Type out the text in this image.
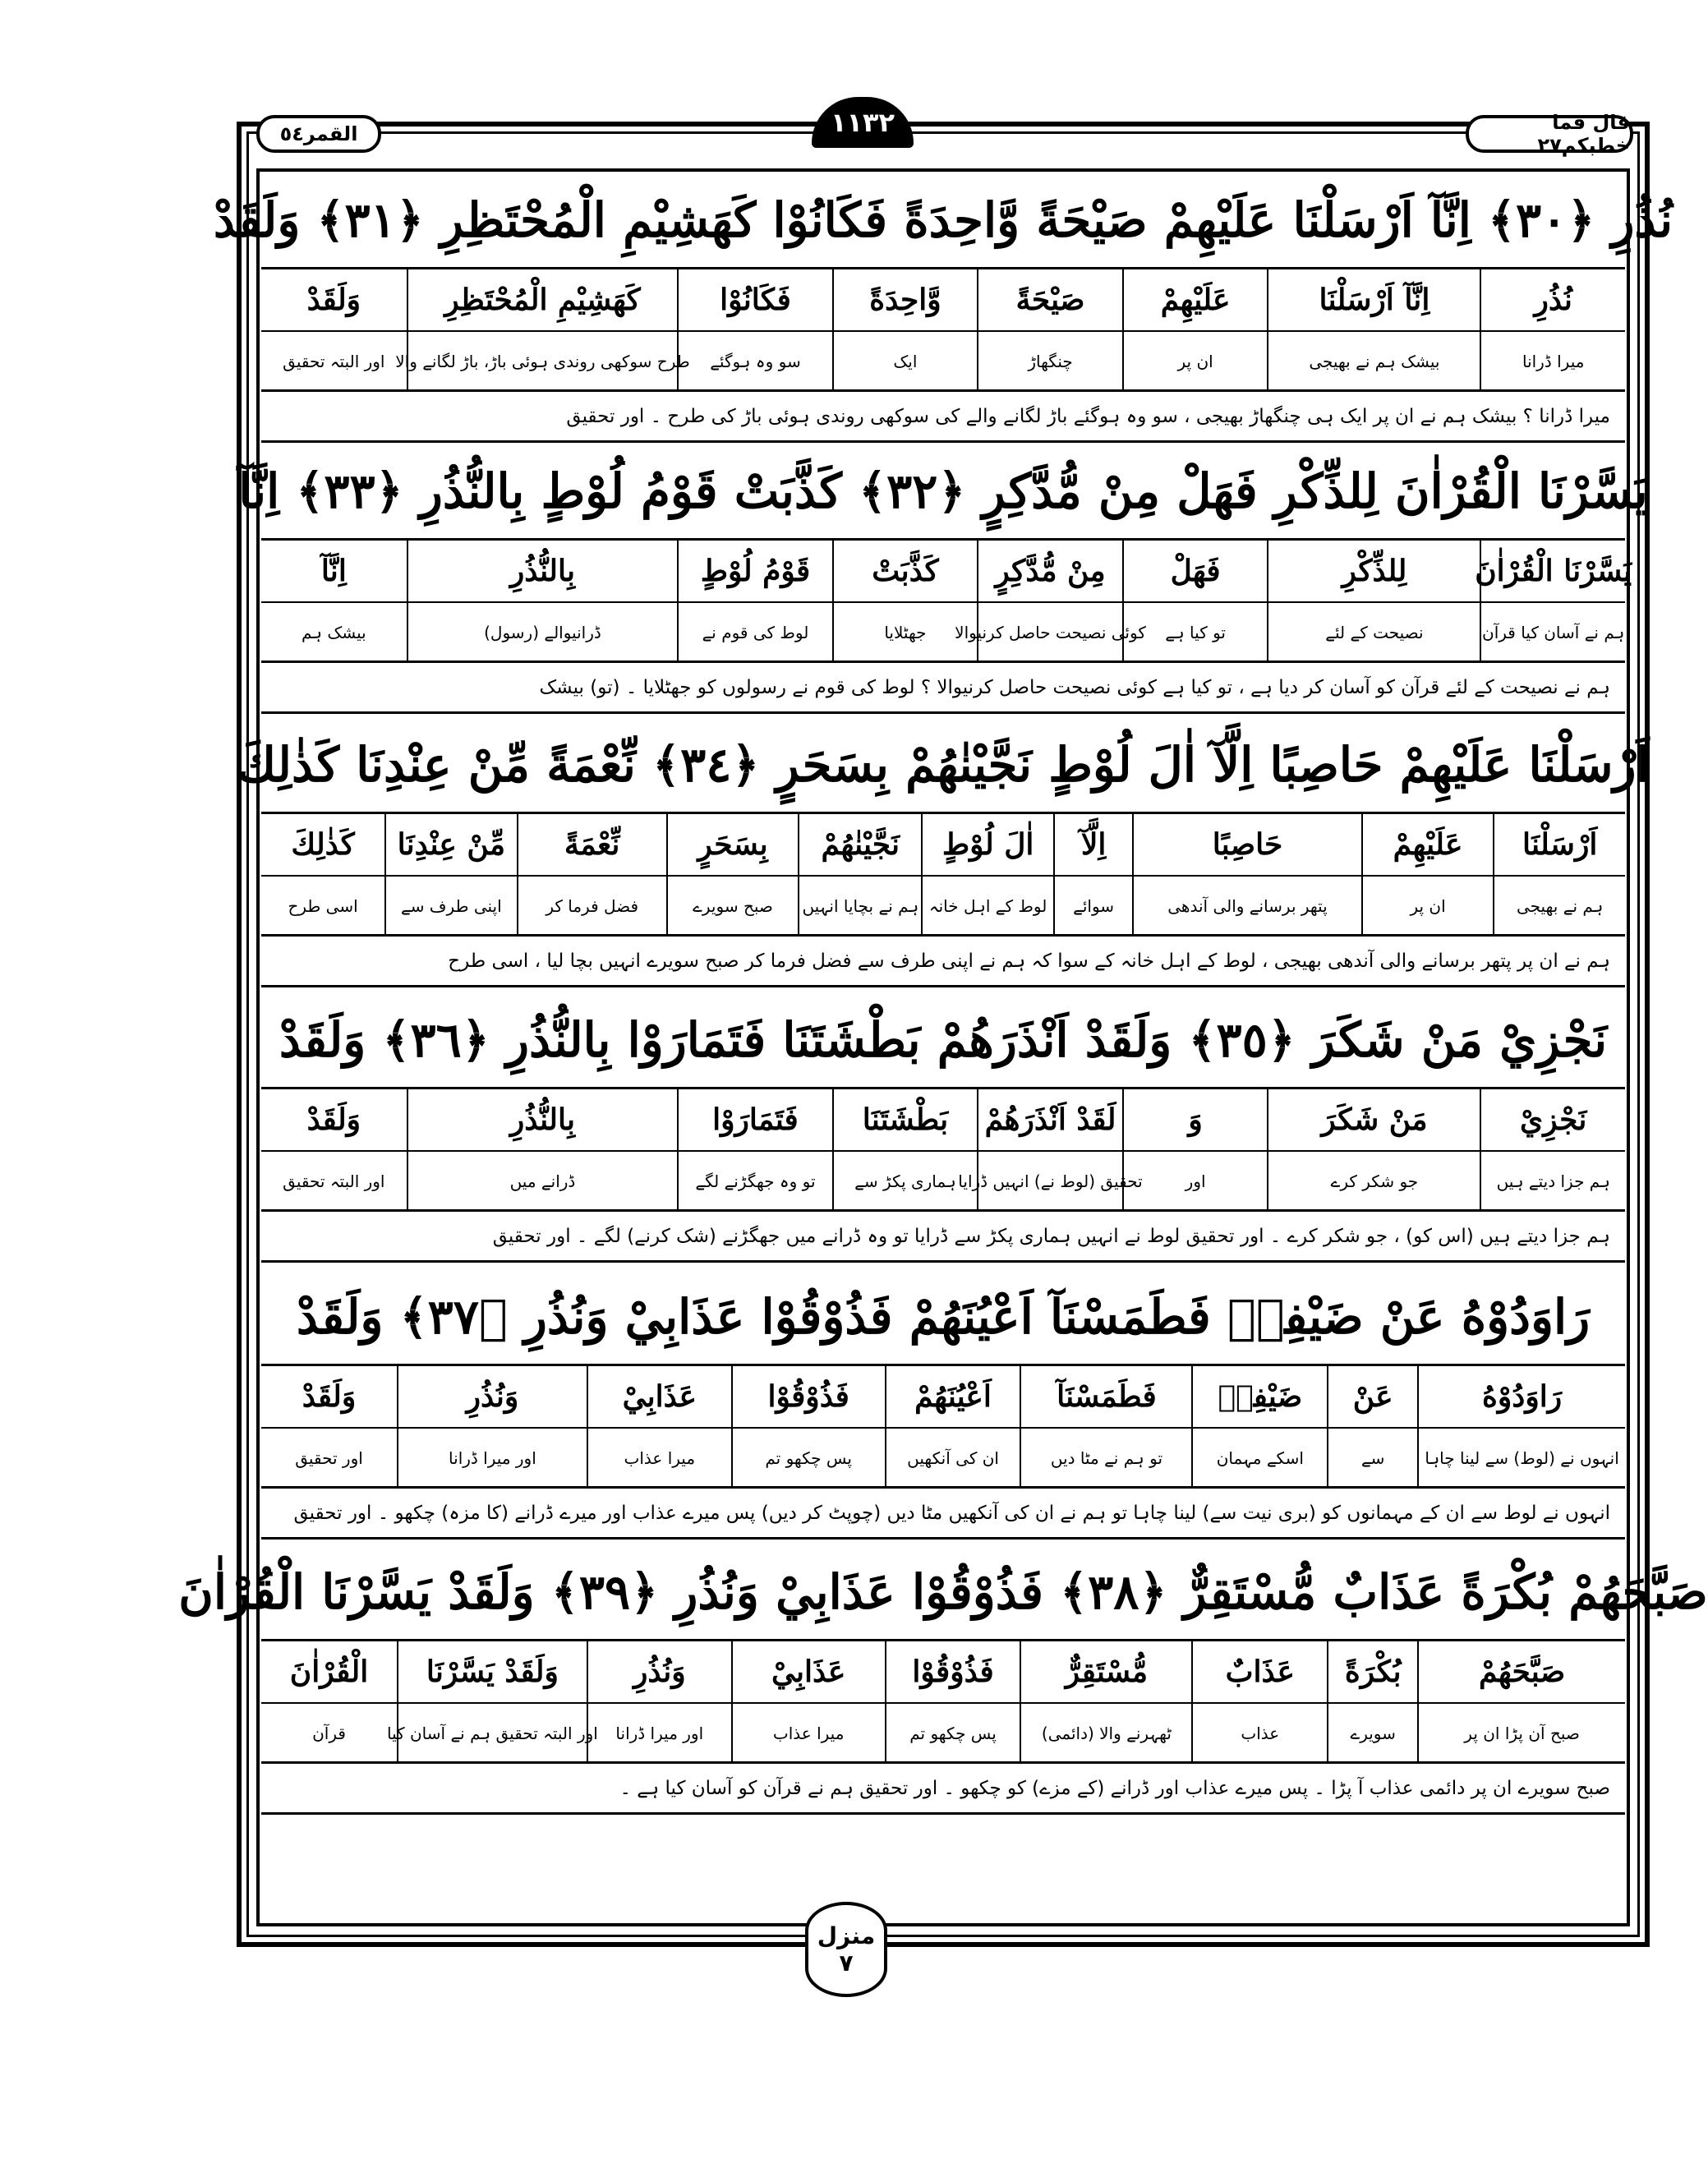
قال فما خطبکم٢٧
القمر٥٤	١١٣٢
نُذُرِ ﴿٣٠﴾ اِنَّآ اَرْسَلْنَا عَلَيْهِمْ صَيْحَةً وَّاحِدَةً فَكَانُوْا كَهَشِيْمِ الْمُحْتَظِرِ ﴿٣١﴾ وَلَقَدْ
نُذُرِ
اِنَّآ اَرْسَلْنَا
عَلَيْهِمْ
صَيْحَةً
وَّاحِدَةً
فَكَانُوْا
كَهَشِيْمِ الْمُحْتَظِرِ
وَلَقَدْ
میرا ڈرانا
بیشک ہم نے بھیجی
ان پر
چنگھاڑ
ایک
سو وہ ہوگئے
طرح سوکھی روندی ہوئی باڑ، باڑ لگانے والا
اور البتہ تحقیق
میرا ڈرانا ؟ بیشک ہم نے ان پر ایک ہی چنگھاڑ بھیجی ، سو وہ ہوگئے باڑ لگانے والے کی سوکھی روندی ہوئی باڑ کی طرح ۔ اور تحقیق
يَسَّرْنَا الْقُرْاٰنَ لِلذِّكْرِ فَهَلْ مِنْ مُّدَّكِرٍ ﴿٣٢﴾ كَذَّبَتْ قَوْمُ لُوْطٍ بِالنُّذُرِ ﴿٣٣﴾ اِنَّآ
يَسَّرْنَا الْقُرْاٰنَ
لِلذِّكْرِ
فَهَلْ
مِنْ مُّدَّكِرٍ
كَذَّبَتْ
قَوْمُ لُوْطٍ
بِالنُّذُرِ
اِنَّآ
ہم نے آسان کیا قرآن
نصیحت کے لئے
تو کیا ہے
کوئی نصیحت حاصل کرنیوالا
جھٹلایا
لوط کی قوم نے
ڈرانیوالے (رسول)
بیشک ہم
ہم نے نصیحت کے لئے قرآن کو آسان کر دیا ہے ، تو کیا ہے کوئی نصیحت حاصل کرنیوالا ؟ لوط کی قوم نے رسولوں کو جھٹلایا ۔ (تو) بیشک
اَرْسَلْنَا عَلَيْهِمْ حَاصِبًا اِلَّآ اٰلَ لُوْطٍ نَجَّيْنٰهُمْ بِسَحَرٍ ﴿٣٤﴾ نِّعْمَةً مِّنْ عِنْدِنَا كَذٰلِكَ
اَرْسَلْنَا
عَلَيْهِمْ
حَاصِبًا
اِلَّآ
اٰلَ لُوْطٍ
نَجَّيْنٰهُمْ
بِسَحَرٍ
نِّعْمَةً
مِّنْ عِنْدِنَا
كَذٰلِكَ
ہم نے بھیجی
ان پر
پتھر برسانے والی آندھی
سوائے
لوط کے اہل خانہ
ہم نے بچایا انہیں
صبح سویرے
فضل فرما کر
اپنی طرف سے
اسی طرح
ہم نے ان پر پتھر برسانے والی آندھی بھیجی ، لوط کے اہل خانہ کے سوا کہ ہم نے اپنی طرف سے فضل فرما کر صبح سویرے انہیں بچا لیا ، اسی طرح
نَجْزِيْ مَنْ شَكَرَ ﴿٣٥﴾ وَلَقَدْ اَنْذَرَهُمْ بَطْشَتَنَا فَتَمَارَوْا بِالنُّذُرِ ﴿٣٦﴾ وَلَقَدْ
نَجْزِيْ
مَنْ شَكَرَ
وَ
لَقَدْ اَنْذَرَهُمْ
بَطْشَتَنَا
فَتَمَارَوْا
بِالنُّذُرِ
وَلَقَدْ
ہم جزا دیتے ہیں
جو شکر کرے
اور
تحقیق (لوط نے) انہیں ڈرایا
ہماری پکڑ سے
تو وہ جھگڑنے لگے
ڈرانے میں
اور البتہ تحقیق
ہم جزا دیتے ہیں (اس کو) ، جو شکر کرے ۔ اور تحقیق لوط نے انہیں ہماری پکڑ سے ڈرایا تو وہ ڈرانے میں جھگڑنے (شک کرنے) لگے ۔ اور تحقیق
رَاوَدُوْهُ عَنْ ضَيْفِهٖ فَطَمَسْنَآ اَعْيُنَهُمْ فَذُوْقُوْا عَذَابِيْ وَنُذُرِ ﴿٣٧﴾ وَلَقَدْ
رَاوَدُوْهُ
عَنْ
ضَيْفِهٖ
فَطَمَسْنَآ
اَعْيُنَهُمْ
فَذُوْقُوْا
عَذَابِيْ
وَنُذُرِ
وَلَقَدْ
انہوں نے (لوط) سے لینا چاہا
سے
اسکے مہمان
تو ہم نے مٹا دیں
ان کی آنکھیں
پس چکھو تم
میرا عذاب
اور میرا ڈرانا
اور تحقیق
انہوں نے لوط سے ان کے مہمانوں کو (بری نیت سے) لینا چاہا تو ہم نے ان کی آنکھیں مٹا دیں (چوپٹ کر دیں) پس میرے عذاب اور میرے ڈرانے (کا مزہ) چکھو ۔ اور تحقیق
صَبَّحَهُمْ بُكْرَةً عَذَابٌ مُّسْتَقِرٌّ ﴿٣٨﴾ فَذُوْقُوْا عَذَابِيْ وَنُذُرِ ﴿٣٩﴾ وَلَقَدْ يَسَّرْنَا الْقُرْاٰنَ
صَبَّحَهُمْ
بُكْرَةً
عَذَابٌ
مُّسْتَقِرٌّ
فَذُوْقُوْا
عَذَابِيْ
وَنُذُرِ
وَلَقَدْ يَسَّرْنَا
الْقُرْاٰنَ
صبح آن پڑا ان پر
سویرے
عذاب
ٹھہرنے والا (دائمی)
پس چکھو تم
میرا عذاب
اور میرا ڈرانا
اور البتہ تحقیق ہم نے آسان کیا
قرآن
صبح سویرے ان پر دائمی عذاب آ پڑا ۔ پس میرے عذاب اور ڈرانے (کے مزے) کو چکھو ۔ اور تحقیق ہم نے قرآن کو آسان کیا ہے ۔
منزل
٧
